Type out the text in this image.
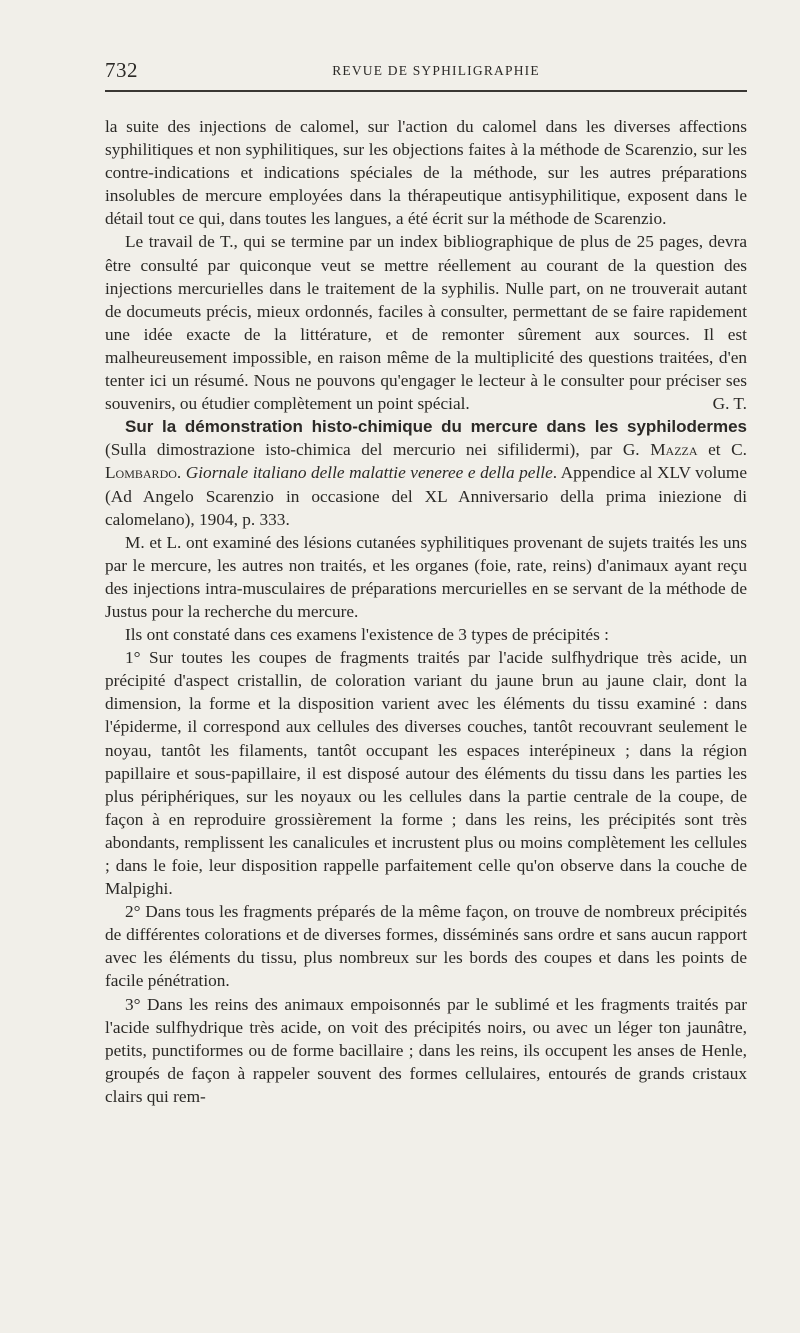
732	REVUE DE SYPHILIGRAPHIE

la suite des injections de calomel, sur l'action du calomel dans les diverses affections syphilitiques et non syphilitiques, sur les objections faites à la méthode de Scarenzio, sur les contre-indications et indications spéciales de la méthode, sur les autres préparations insolubles de mercure employées dans la thérapeutique antisyphilitique, exposent dans le détail tout ce qui, dans toutes les langues, a été écrit sur la méthode de Scarenzio.

Le travail de T., qui se termine par un index bibliographique de plus de 25 pages, devra être consulté par quiconque veut se mettre réellement au courant de la question des injections mercurielles dans le traitement de la syphilis. Nulle part, on ne trouverait autant de documeuts précis, mieux ordonnés, faciles à consulter, permettant de se faire rapidement une idée exacte de la littérature, et de remonter sûrement aux sources. Il est malheureusement impossible, en raison même de la multiplicité des questions traitées, d'en tenter ici un résumé. Nous ne pouvons qu'engager le lecteur à le consulter pour préciser ses souvenirs, ou étudier complètement un point spécial.	G. T.

Sur la démonstration histo-chimique du mercure dans les syphilodermes (Sulla dimostrazione isto-chimica del mercurio nei sifilidermi), par G. Mazza et C. Lombardo. Giornale italiano delle malattie veneree e della pelle. Appendice al XLV volume (Ad Angelo Scarenzio in occasione del XL Anniversario della prima iniezione di calomelano), 1904, p. 333.

M. et L. ont examiné des lésions cutanées syphilitiques provenant de sujets traités les uns par le mercure, les autres non traités, et les organes (foie, rate, reins) d'animaux ayant reçu des injections intra-musculaires de préparations mercurielles en se servant de la méthode de Justus pour la recherche du mercure.

Ils ont constaté dans ces examens l'existence de 3 types de précipités :

1° Sur toutes les coupes de fragments traités par l'acide sulfhydrique très acide, un précipité d'aspect cristallin, de coloration variant du jaune brun au jaune clair, dont la dimension, la forme et la disposition varient avec les éléments du tissu examiné : dans l'épiderme, il correspond aux cellules des diverses couches, tantôt recouvrant seulement le noyau, tantôt les filaments, tantôt occupant les espaces interépineux ; dans la région papillaire et sous-papillaire, il est disposé autour des éléments du tissu dans les parties les plus périphériques, sur les noyaux ou les cellules dans la partie centrale de la coupe, de façon à en reproduire grossièrement la forme ; dans les reins, les précipités sont très abondants, remplissent les canalicules et incrustent plus ou moins complètement les cellules ; dans le foie, leur disposition rappelle parfaitement celle qu'on observe dans la couche de Malpighi.

2° Dans tous les fragments préparés de la même façon, on trouve de nombreux précipités de différentes colorations et de diverses formes, disséminés sans ordre et sans aucun rapport avec les éléments du tissu, plus nombreux sur les bords des coupes et dans les points de facile pénétration.

3° Dans les reins des animaux empoisonnés par le sublimé et les fragments traités par l'acide sulfhydrique très acide, on voit des précipités noirs, ou avec un léger ton jaunâtre, petits, punctiformes ou de forme bacillaire ; dans les reins, ils occupent les anses de Henle, groupés de façon à rappeler souvent des formes cellulaires, entourés de grands cristaux clairs qui rem-
